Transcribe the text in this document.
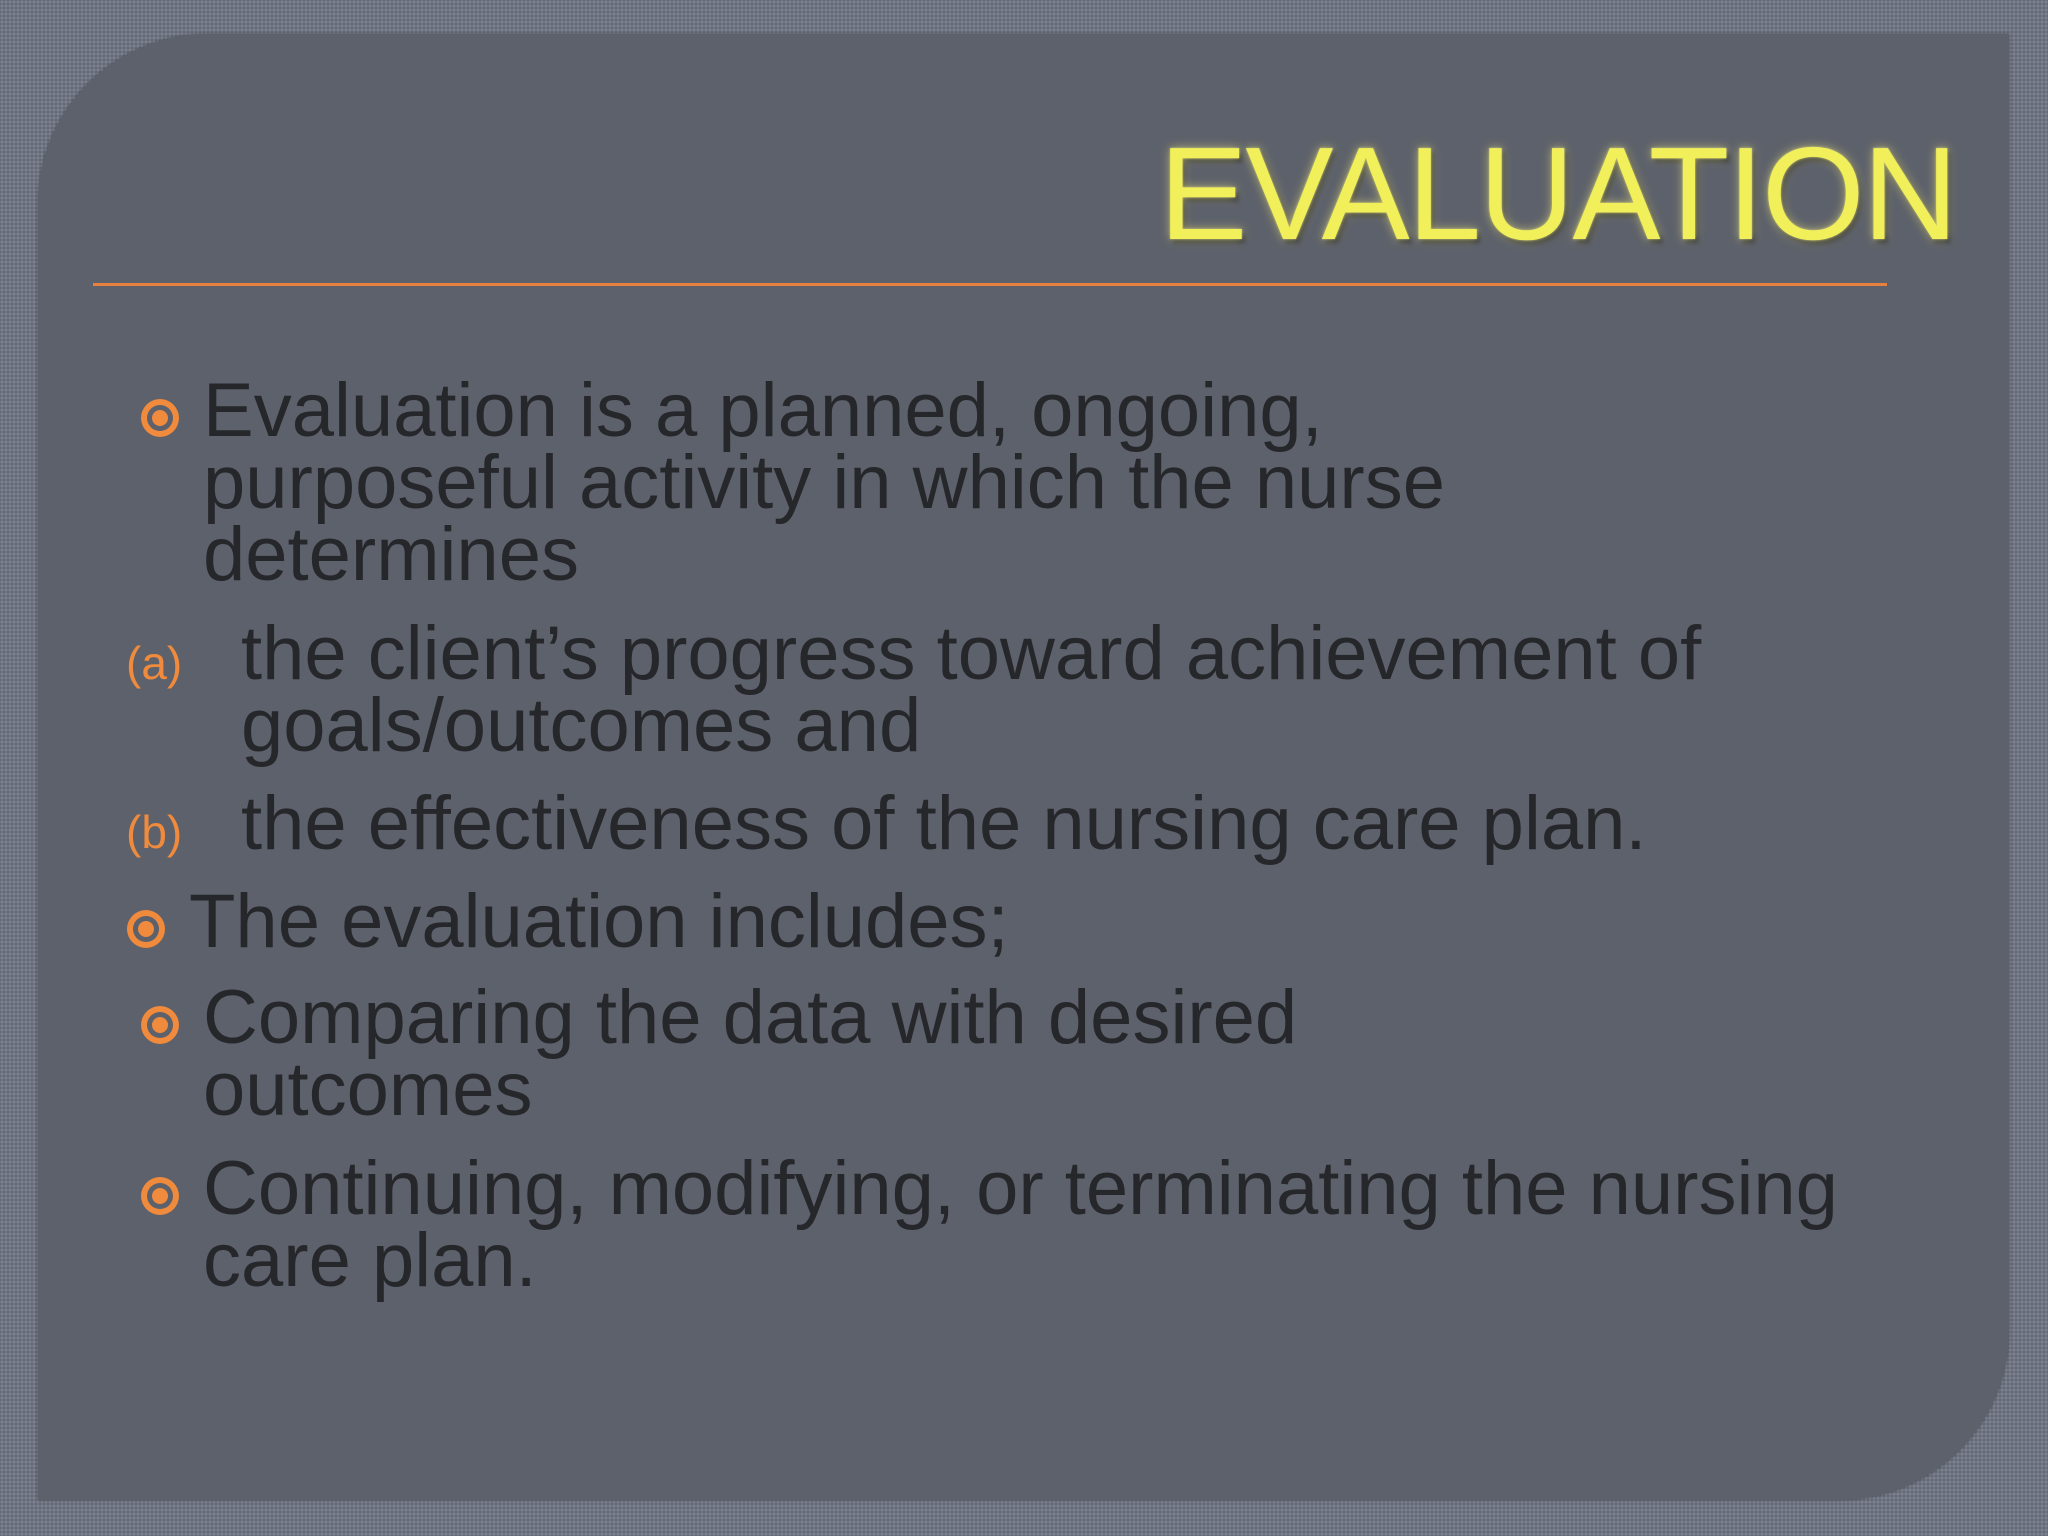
EVALUATION
Evaluation is a planned, ongoing,
purposeful activity in which the nurse
determines
(a) the client’s progress toward achievement of
goals/outcomes and
(b) the effectiveness of the nursing care plan.
The evaluation includes;
Comparing the data with desired
outcomes
Continuing, modifying, or terminating the nursing
care plan.
